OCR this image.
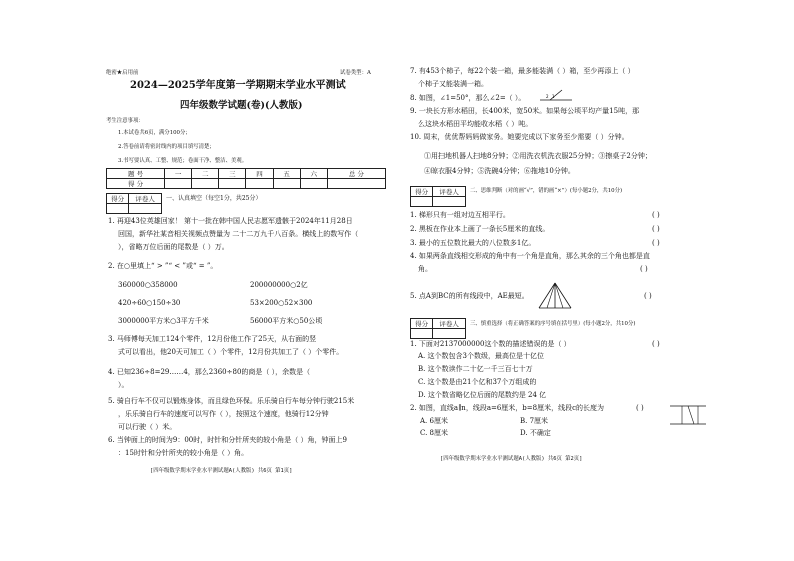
绝密★启用前	试卷类型：A
2024—2025学年度第一学期期末学业水平测试
四年级数学试题(卷)(人教版)
考生注意事项：
1.本试卷共6页，满分100分；
2.答卷前请将密封线内的项目填写清楚；
3.书写要认真、工整、规范；卷面干净、整洁、美观。
题 号	一	二	三	四	五	六	总 分
得 分							
得分	评卷人
	一、认真填空（每空1分，共25分）
1. 再迎43位英雄回家！ 第十一批在韩中国人民志愿军遗骸于2024年11月28日
回国，新华社某音相关视频点赞量为 二十二万九千八百条。横线上的数写作（
），省略万位后面的尾数是（ ）万。
2. 在○里填上“ > ”“ < ”或“ = ”。
360000○358000	200000000○2亿
420÷60○150÷30	53×200○52×300
3000000平方米○3平方千米	56000平方米○50公顷
3. 马师傅每天加工124个零件，12月份他工作了25天，从右面的竖
式可以看出，他20天可加工（ ）个零件，12月份共加工了（ ）个零件。
4. 已知236÷8=29……4，那么2360÷80的商是（ ），余数是（
）。
5. 骑自行车不仅可以锻炼身体，而且绿色环保。乐乐骑自行车每分钟行驶215米
，乐乐骑自行车的速度可以写作（ ），按照这个速度，他骑行12分钟
可以行驶（ ）米。
6. 当钟面上的时间为9：00时，时针和分针所夹的较小角是（ ）角，钟面上9
：15时针和分针所夹的较小角是（ ）角。
[四年级数学期末学业水平测试题A(人教版) 共6页 第1页]
7. 有453个柿子，每22个装一箱，最多能装满（ ）箱，至少再添上（ ）
个柿子又能装满一箱。
8. 如图，∠1=50°，那么∠2=（ ）。	1
2
9. 一块长方形水稻田，长400米，宽50米。如果每公顷平均产量15吨，那
么这块水稻田平均能收水稻（ ）吨。
10. 周末，优优帮妈妈做家务。她要完成以下家务至少需要（ ）分钟。
①用扫地机器人扫地8分钟；②用洗衣机洗衣服25分钟；③擦桌子2分钟；
④晾衣服4分钟；⑤洗碗4分钟；⑥拖地10分钟。
得分	评卷人
	二、思维判断（对的画“√”，错的画“×”）(每小题2分，共10分)
1. 梯形只有一组对边互相平行。	( )
2. 黑板在作业本上画了一条长5厘米的直线。	( )
3. 最小的五位数比最大的八位数多1亿。	( )
4. 如果两条直线相交形成的角中有一个角是直角，那么其余的三个角也都是直
角。	( )
5. 点A到BC的所有线段中，AE最短。	( )
得分	评卷人
	三、慎重选择（将正确答案的序号填在括号里）(每小题2分，共10分)
1. 下面对2137000000这个数的描述错误的是（ ）	( )
A. 这个数包含3个数级，最高位是十亿位
B. 这个数读作二十亿一千三百七十万
C. 这个数是由21个亿和37个万组成的
D. 这个数省略亿位后面的尾数约是 24 亿
2. 如图，直线a∥n，线段a=6厘米，b=8厘米，线段c的长度为	( )
A. 6厘米	B. 7厘米
C. 8厘米	D. 不确定
[四年级数学期末学业水平测试题A(人教版) 共6页 第2页]
